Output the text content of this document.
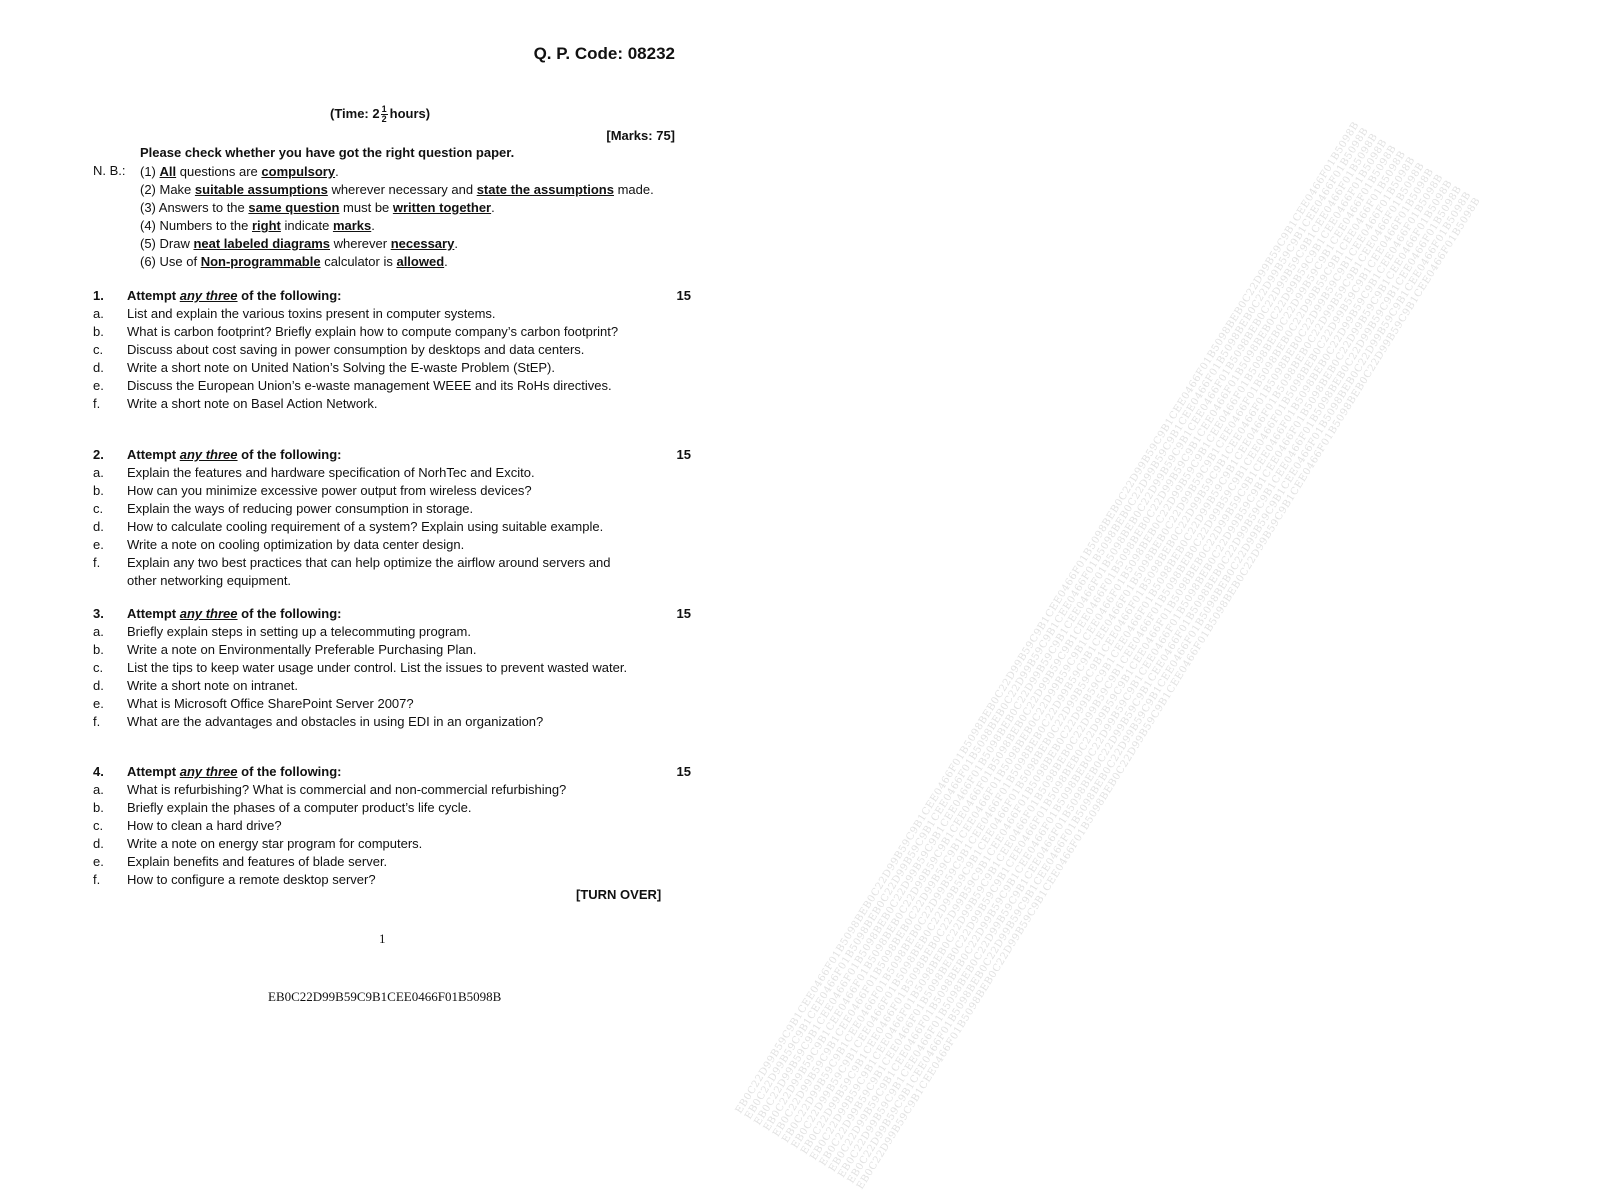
EB0C22D99B59C9B1CEE0466F01B5098BEB0C22D99B59C9B1CEE0466F01B5098BEB0C22D99B59C9B1CEE0466F01B5098BEB0C22D99B59C9B1CEE0466F01B5098BEB0C22D99B59C9B1CEE0466F01B5098B
EB0C22D99B59C9B1CEE0466F01B5098BEB0C22D99B59C9B1CEE0466F01B5098BEB0C22D99B59C9B1CEE0466F01B5098BEB0C22D99B59C9B1CEE0466F01B5098BEB0C22D99B59C9B1CEE0466F01B5098B
EB0C22D99B59C9B1CEE0466F01B5098BEB0C22D99B59C9B1CEE0466F01B5098BEB0C22D99B59C9B1CEE0466F01B5098BEB0C22D99B59C9B1CEE0466F01B5098BEB0C22D99B59C9B1CEE0466F01B5098B
EB0C22D99B59C9B1CEE0466F01B5098BEB0C22D99B59C9B1CEE0466F01B5098BEB0C22D99B59C9B1CEE0466F01B5098BEB0C22D99B59C9B1CEE0466F01B5098BEB0C22D99B59C9B1CEE0466F01B5098B
EB0C22D99B59C9B1CEE0466F01B5098BEB0C22D99B59C9B1CEE0466F01B5098BEB0C22D99B59C9B1CEE0466F01B5098BEB0C22D99B59C9B1CEE0466F01B5098BEB0C22D99B59C9B1CEE0466F01B5098B
EB0C22D99B59C9B1CEE0466F01B5098BEB0C22D99B59C9B1CEE0466F01B5098BEB0C22D99B59C9B1CEE0466F01B5098BEB0C22D99B59C9B1CEE0466F01B5098BEB0C22D99B59C9B1CEE0466F01B5098B
EB0C22D99B59C9B1CEE0466F01B5098BEB0C22D99B59C9B1CEE0466F01B5098BEB0C22D99B59C9B1CEE0466F01B5098BEB0C22D99B59C9B1CEE0466F01B5098BEB0C22D99B59C9B1CEE0466F01B5098B
EB0C22D99B59C9B1CEE0466F01B5098BEB0C22D99B59C9B1CEE0466F01B5098BEB0C22D99B59C9B1CEE0466F01B5098BEB0C22D99B59C9B1CEE0466F01B5098BEB0C22D99B59C9B1CEE0466F01B5098B
EB0C22D99B59C9B1CEE0466F01B5098BEB0C22D99B59C9B1CEE0466F01B5098BEB0C22D99B59C9B1CEE0466F01B5098BEB0C22D99B59C9B1CEE0466F01B5098BEB0C22D99B59C9B1CEE0466F01B5098B
EB0C22D99B59C9B1CEE0466F01B5098BEB0C22D99B59C9B1CEE0466F01B5098BEB0C22D99B59C9B1CEE0466F01B5098BEB0C22D99B59C9B1CEE0466F01B5098BEB0C22D99B59C9B1CEE0466F01B5098B
EB0C22D99B59C9B1CEE0466F01B5098BEB0C22D99B59C9B1CEE0466F01B5098BEB0C22D99B59C9B1CEE0466F01B5098BEB0C22D99B59C9B1CEE0466F01B5098BEB0C22D99B59C9B1CEE0466F01B5098B
EB0C22D99B59C9B1CEE0466F01B5098BEB0C22D99B59C9B1CEE0466F01B5098BEB0C22D99B59C9B1CEE0466F01B5098BEB0C22D99B59C9B1CEE0466F01B5098BEB0C22D99B59C9B1CEE0466F01B5098B
EB0C22D99B59C9B1CEE0466F01B5098BEB0C22D99B59C9B1CEE0466F01B5098BEB0C22D99B59C9B1CEE0466F01B5098BEB0C22D99B59C9B1CEE0466F01B5098BEB0C22D99B59C9B1CEE0466F01B5098B
EB0C22D99B59C9B1CEE0466F01B5098BEB0C22D99B59C9B1CEE0466F01B5098BEB0C22D99B59C9B1CEE0466F01B5098BEB0C22D99B59C9B1CEE0466F01B5098BEB0C22D99B59C9B1CEE0466F01B5098B
Q. P. Code: 08232
(Time: $2 \frac{1}{2}$ hours)
[Marks: 75]
Please check whether you have got the right question paper.
N. B.: (1) All questions are compulsory.
(2) Make suitable assumptions wherever necessary and state the assumptions made.
(3) Answers to the same question must be written together.
(4) Numbers to the right indicate marks.
(5) Draw neat labeled diagrams wherever necessary.
(6) Use of Non-programmable calculator is allowed.
1. Attempt any three of the following:	15
a. List and explain the various toxins present in computer systems.
b. What is carbon footprint? Briefly explain how to compute company’s carbon footprint?
c. Discuss about cost saving in power consumption by desktops and data centers.
d. Write a short note on United Nation’s Solving the E-waste Problem (StEP).
e. Discuss the European Union’s e-waste management WEEE and its RoHs directives.
f. Write a short note on Basel Action Network.
2. Attempt any three of the following:	15
a. Explain the features and hardware specification of NorhTec and Excito.
b. How can you minimize excessive power output from wireless devices?
c. Explain the ways of reducing power consumption in storage.
d. How to calculate cooling requirement of a system? Explain using suitable example.
e. Write a note on cooling optimization by data center design.
f. Explain any two best practices that can help optimize the airflow around servers and other networking equipment.
3. Attempt any three of the following:	15
a. Briefly explain steps in setting up a telecommuting program.
b. Write a note on Environmentally Preferable Purchasing Plan.
c. List the tips to keep water usage under control. List the issues to prevent wasted water.
d. Write a short note on intranet.
e. What is Microsoft Office SharePoint Server 2007?
f. What are the advantages and obstacles in using EDI in an organization?
4. Attempt any three of the following:	15
a. What is refurbishing? What is commercial and non-commercial refurbishing?
b. Briefly explain the phases of a computer product’s life cycle.
c. How to clean a hard drive?
d. Write a note on energy star program for computers.
e. Explain benefits and features of blade server.
f. How to configure a remote desktop server?
[TURN OVER]
1
EB0C22D99B59C9B1CEE0466F01B5098B
